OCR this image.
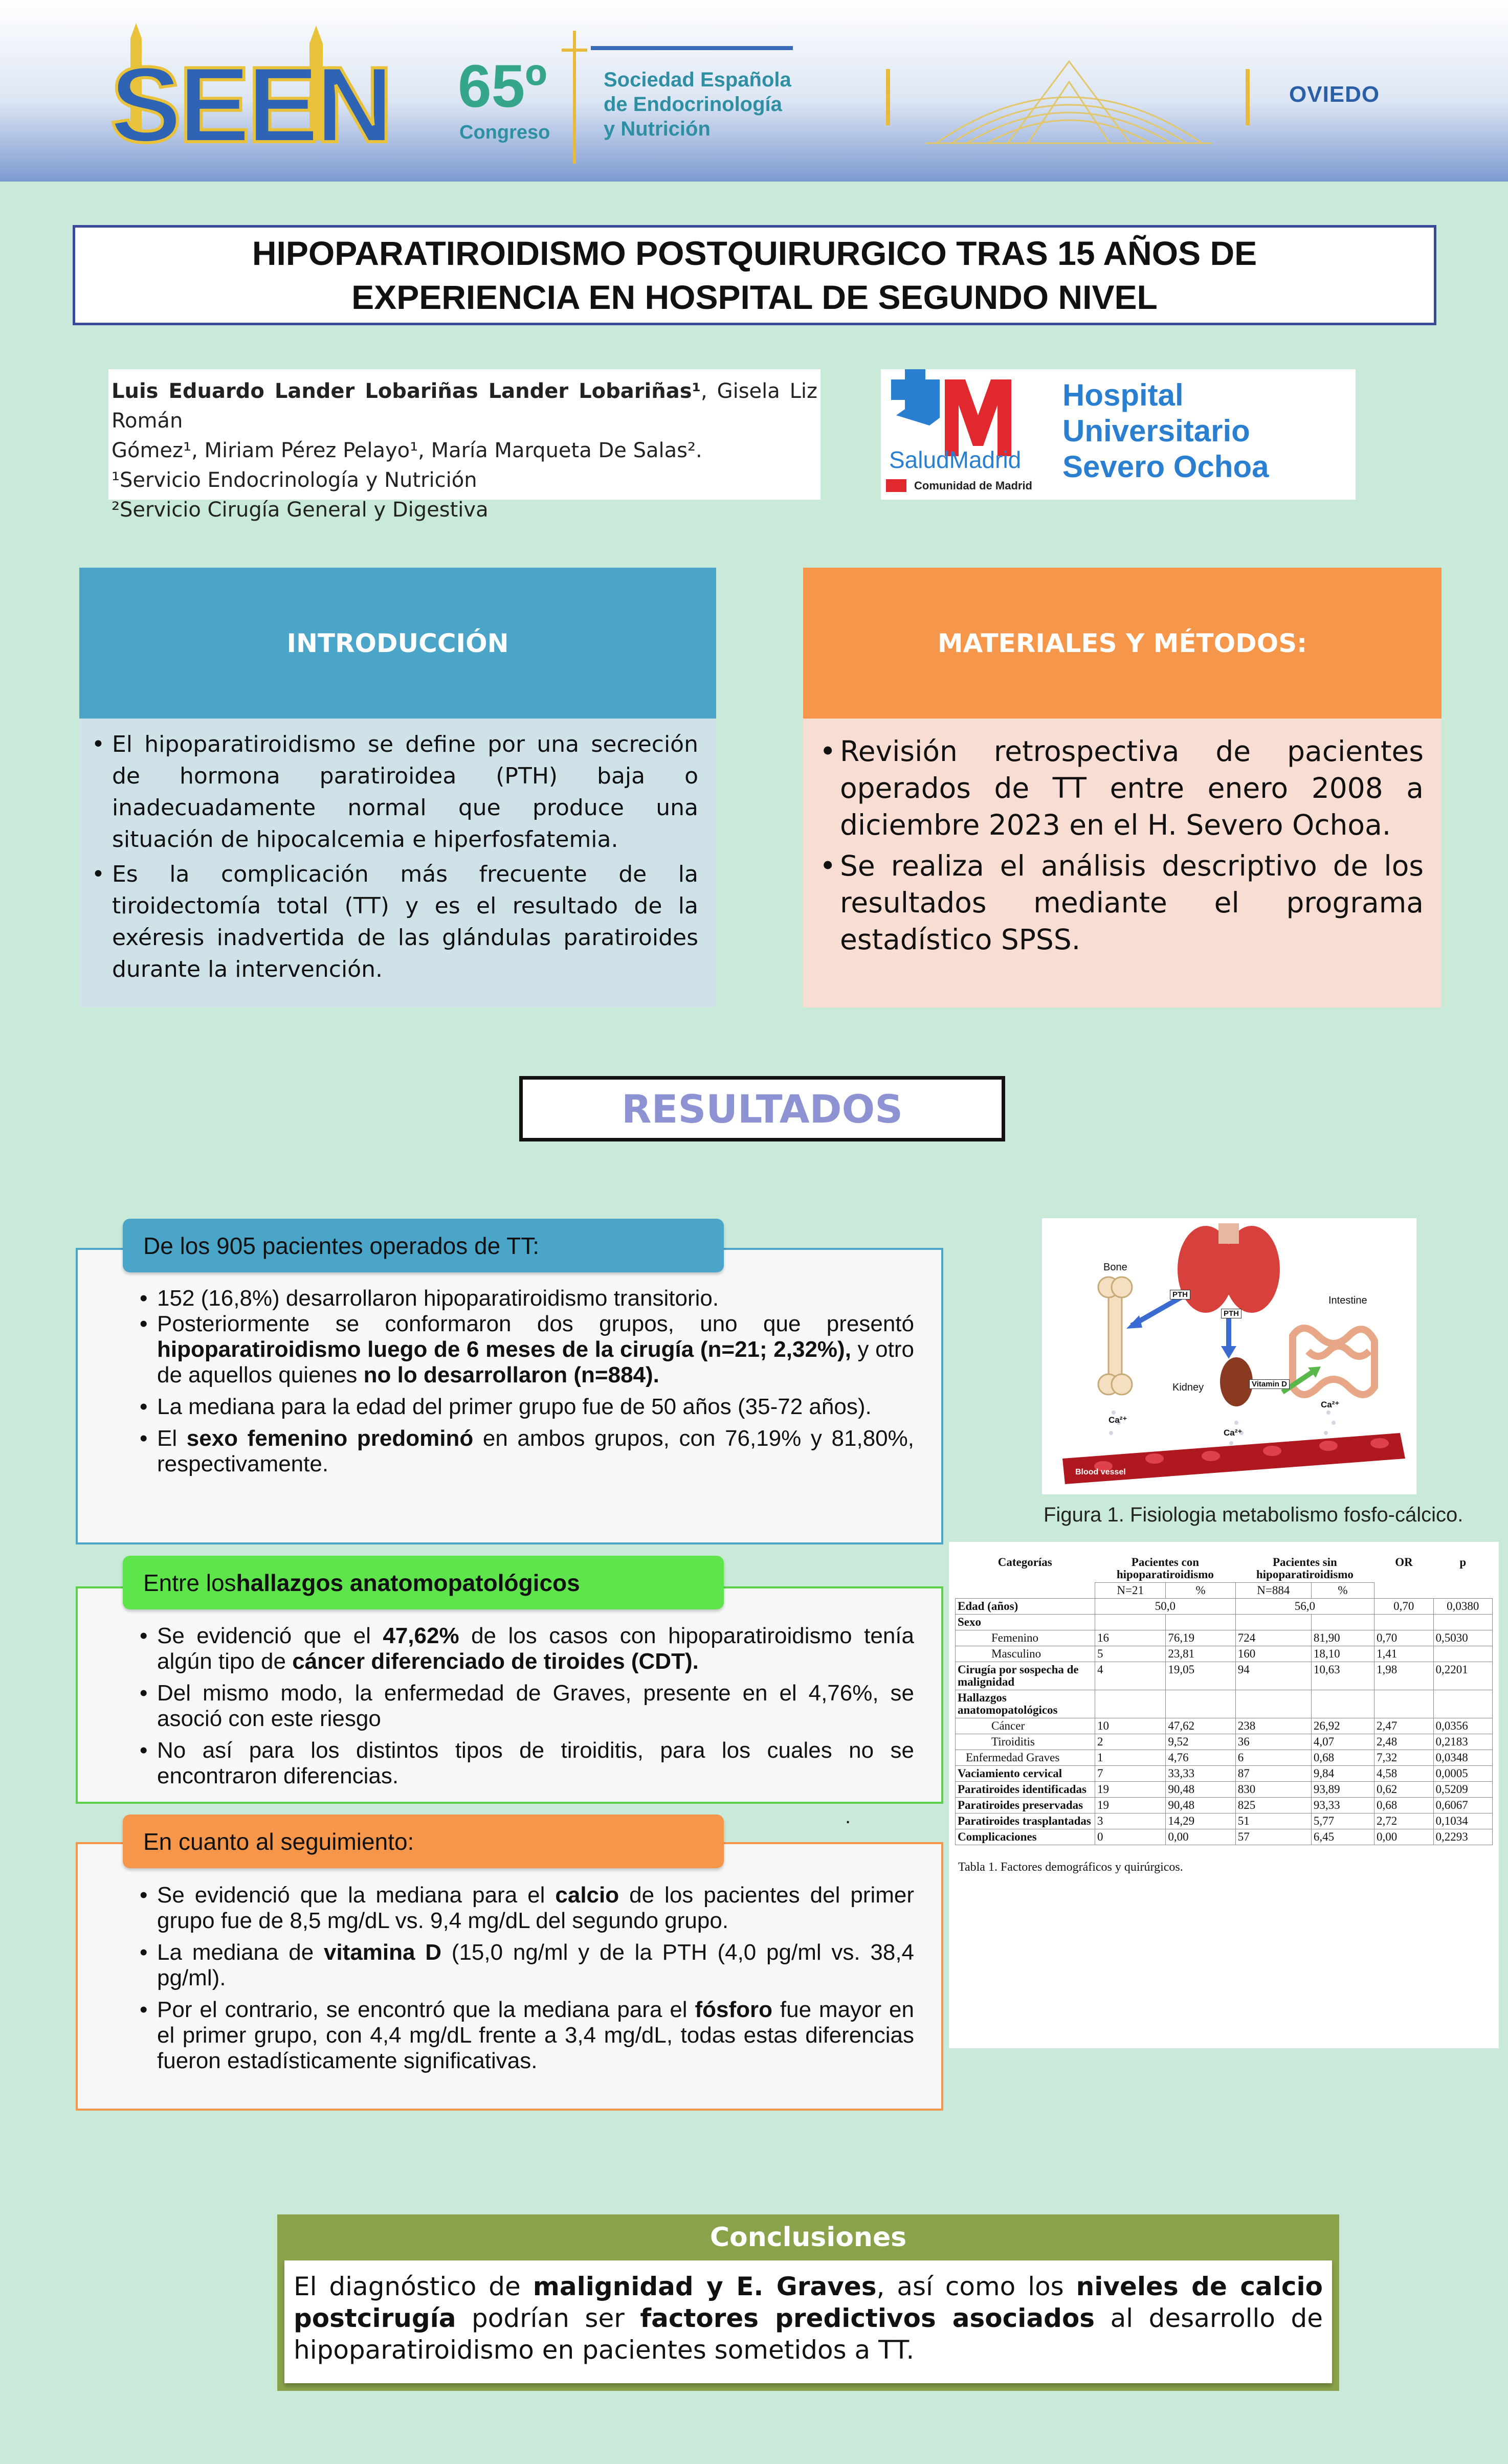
SEEN 65º
Congreso
Sociedad Española
de Endocrinología
y Nutrición
OVIEDO
HIPOPARATIROIDISMO POSTQUIRURGICO TRAS 15 AÑOS DE
EXPERIENCIA EN HOSPITAL DE SEGUNDO NIVEL
Luis Eduardo Lander Lobariñas Lander Lobariñas¹, Gisela Liz Román
Gómez¹, Miriam Pérez Pelayo¹, María Marqueta De Salas².
¹Servicio Endocrinología y Nutrición
²Servicio Cirugía General y Digestiva
SaludMadrid
Comunidad de Madrid
Hospital Universitario
Severo Ochoa
INTRODUCCIÓN
• El hipoparatiroidismo se define por una secreción de hormona paratiroidea (PTH) baja o inadecuadamente normal que produce una situación de hipocalcemia e hiperfosfatemia.
• Es la complicación más frecuente de la tiroidectomía total (TT) y es el resultado de la exéresis inadvertida de las glándulas paratiroides durante la intervención.
MATERIALES Y MÉTODOS:
• Revisión retrospectiva de pacientes operados de TT entre enero 2008 a diciembre 2023 en el H. Severo Ochoa.
• Se realiza el análisis descriptivo de los resultados mediante el programa estadístico SPSS.
RESULTADOS
• 152 (16,8%) desarrollaron hipoparatiroidismo transitorio.
• • Posteriormente se conformaron dos grupos, uno que presentó hipoparatiroidismo luego de 6 meses de la cirugía (n=21; 2,32%), y otro de aquellos quienes no lo desarrollaron (n=884).
• La mediana para la edad del primer grupo fue de 50 años (35-72 años).
• El sexo femenino predominó en ambos grupos, con 76,19% y 81,80%, respectivamente.
De los 905 pacientes operados de TT:
• Se evidenció que el 47,62% de los casos con hipoparatiroidismo tenía algún tipo de cáncer diferenciado de tiroides (CDT).
• Del mismo modo, la enfermedad de Graves, presente en el 4,76%, se asoció con este riesgo
• No así para los distintos tipos de tiroiditis, para los cuales no se encontraron diferencias.
Entre los hallazgos anatomopatológicos
.
• Se evidenció que la mediana para el calcio de los pacientes del primer grupo fue de 8,5 mg/dL vs. 9,4 mg/dL del segundo grupo.
• La mediana de vitamina D (15,0 ng/ml y de la PTH (4,0 pg/ml vs. 38,4 pg/ml).
• Por el contrario, se encontró que la mediana para el fósforo fue mayor en el primer grupo, con 4,4 mg/dL frente a 3,4 mg/dL, todas estas diferencias fueron estadísticamente significativas.
En cuanto al seguimiento:
Bone
Intestine
Kidney
PTH
PTH
Vitamin D
Ca²⁺
Ca²⁺
Ca²⁺
Blood vessel
Figura 1. Fisiologia metabolismo fosfo-cálcico.
Categorías	Pacientes con hipoparatiroidismo		Pacientes sin hipoparatiroidismo		OR	p
	N=21	%	N=884	%		
Edad (años)	50,0		56,0		0,70	0,0380
Sexo						
Femenino	16	76,19	724	81,90	0,70	0,5030
Masculino	5	23,81	160	18,10	1,41	
Cirugía por sospecha de malignidad	4	19,05	94	10,63	1,98	0,2201
Hallazgos anatomopatológicos						
Cáncer	10	47,62	238	26,92	2,47	0,0356
Tiroiditis	2	9,52	36	4,07	2,48	0,2183
Enfermedad Graves	1	4,76	6	0,68	7,32	0,0348
Vaciamiento cervical	7	33,33	87	9,84	4,58	0,0005
Paratiroides identificadas	19	90,48	830	93,89	0,62	0,5209
Paratiroides preservadas	19	90,48	825	93,33	0,68	0,6067
Paratiroides trasplantadas	3	14,29	51	5,77	2,72	0,1034
Complicaciones	0	0,00	57	6,45	0,00	0,2293
Tabla 1. Factores demográficos y quirúrgicos.
Conclusiones
El diagnóstico de malignidad y E. Graves, así como los niveles de calcio postcirugía podrían ser factores predictivos asociados al desarrollo de hipoparatiroidismo en pacientes sometidos a TT.
